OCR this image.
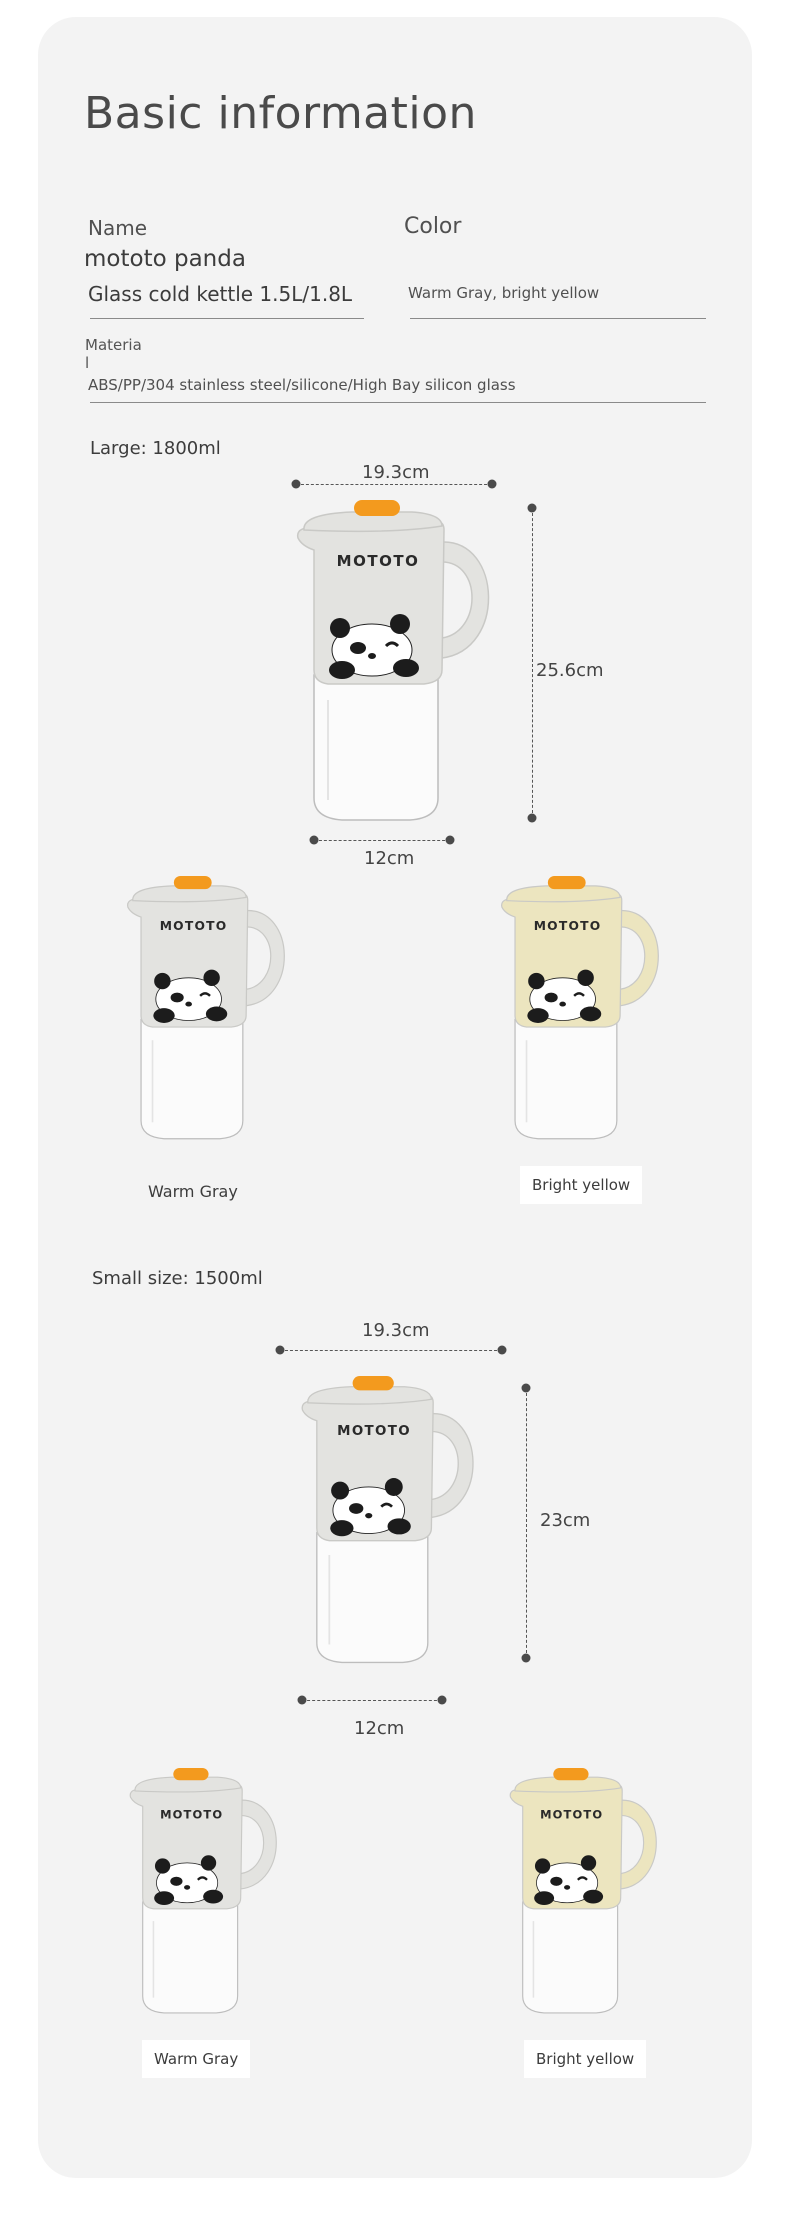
Basic information
Name	Color
mototo panda
Glass cold kettle 1.5L/1.8L	Warm Gray, bright yellow
Materia
l
ABS/PP/304 stainless steel/silicone/High Bay silicon glass
Large: 1800ml
19.3cm
25.6cm
12cm
Small size: 1500ml
19.3cm
23cm
12cm
Warm Gray	Bright yellow
Warm Gray	Bright yellow
MOTOTO
MOTOTO	MOTOTO
MOTOTO
MOTOTO	MOTOTO
